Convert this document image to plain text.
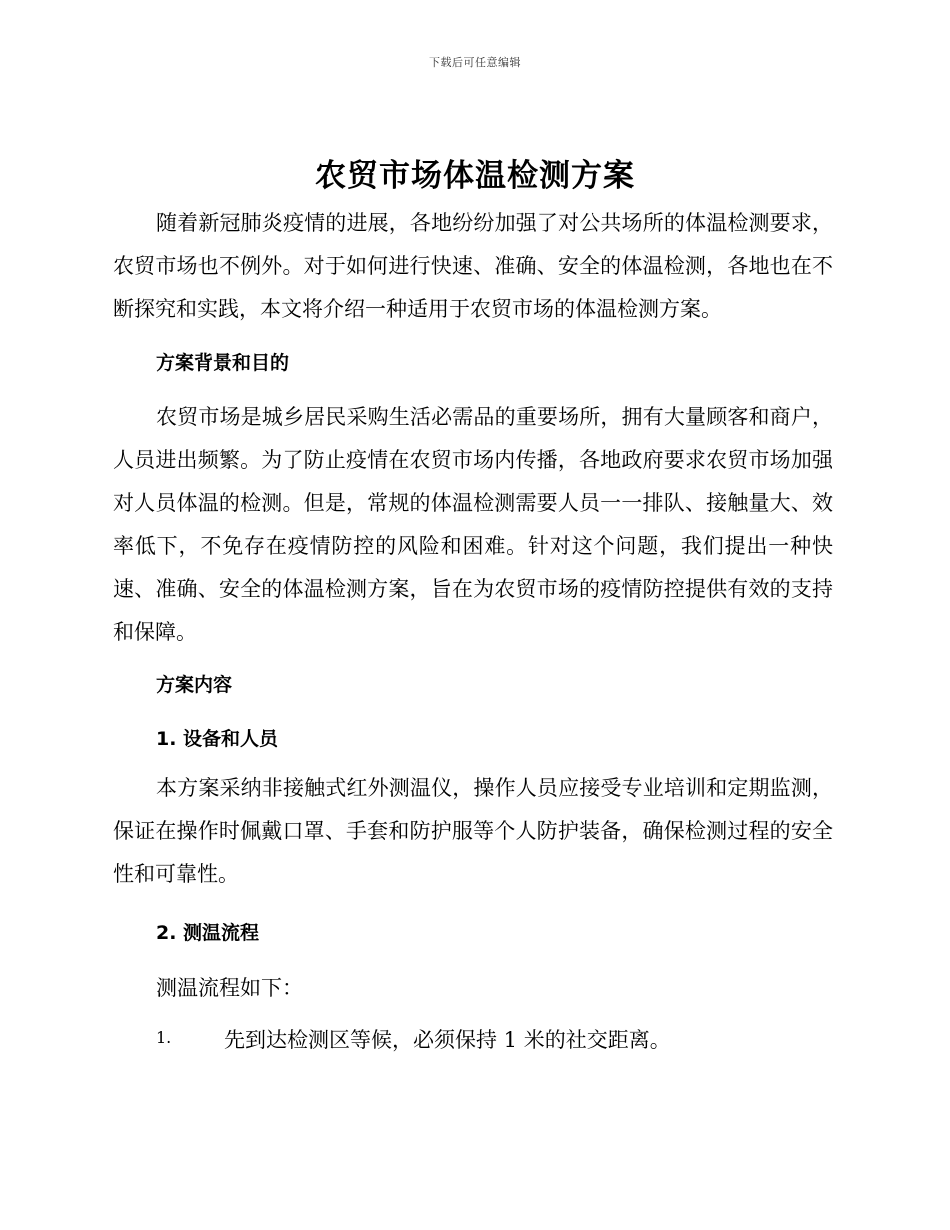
下载后可任意编辑
农贸市场体温检测方案

随着新冠肺炎疫情的进展，各地纷纷加强了对公共场所的体温检测要求，农贸市场也不例外。对于如何进行快速、准确、安全的体温检测，各地也在不断探究和实践，本文将介绍一种适用于农贸市场的体温检测方案。

方案背景和目的

农贸市场是城乡居民采购生活必需品的重要场所，拥有大量顾客和商户，人员进出频繁。为了防止疫情在农贸市场内传播，各地政府要求农贸市场加强对人员体温的检测。但是，常规的体温检测需要人员一一排队、接触量大、效率低下，不免存在疫情防控的风险和困难。针对这个问题，我们提出一种快速、准确、安全的体温检测方案，旨在为农贸市场的疫情防控提供有效的支持和保障。

方案内容
1. 设备和人员

本方案采纳非接触式红外测温仪，操作人员应接受专业培训和定期监测，保证在操作时佩戴口罩、手套和防护服等个人防护装备，确保检测过程的安全性和可靠性。

2. 测温流程
测温流程如下：
1.	先到达检测区等候，必须保持 1 米的社交距离。
